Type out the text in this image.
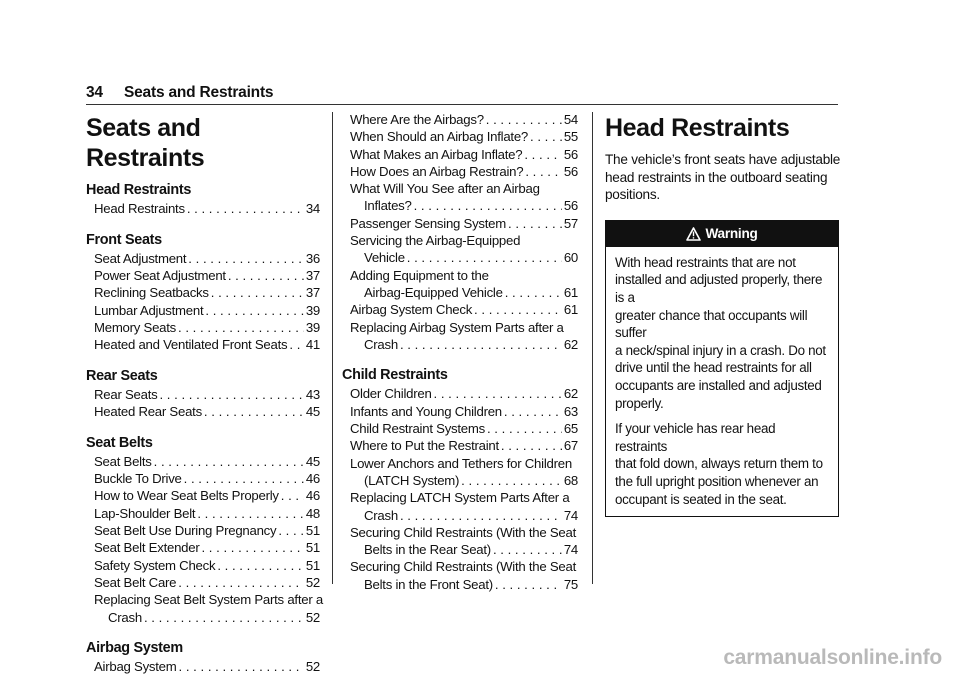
34 Seats and Restraints
Seats and Restraints
Head Restraints
Head Restraints . . .	34
Front Seats
Seat Adjustment . . .	36
Power Seat Adjustment . . .	37
Reclining Seatbacks . . .	37
Lumbar Adjustment . . .	39
Memory Seats . . .	39
Heated and Ventilated Front Seats . . . 41
Rear Seats
Rear Seats . . .	43
Heated Rear Seats . . .	45
Seat Belts
Seat Belts . . .	45
Buckle To Drive . . .	46
How to Wear Seat Belts Properly . . . 46
Lap-Shoulder Belt . . .	48
Seat Belt Use During Pregnancy . . . 51
Seat Belt Extender . . .	51
Safety System Check . . .	51
Seat Belt Care . . .	52
Replacing Seat Belt System Parts after a
Crash . . .	52
Airbag System
Airbag System . . .	52
Where Are the Airbags? . . .	54
When Should an Airbag Inflate? . . .	55
What Makes an Airbag Inflate? . . .	56
How Does an Airbag Restrain? . . .	56
What Will You See after an Airbag
Inflates? . . .	56
Passenger Sensing System . . .	57
Servicing the Airbag-Equipped
Vehicle . . .	60
Adding Equipment to the
Airbag-Equipped Vehicle . . .	61
Airbag System Check . . .	61
Replacing Airbag System Parts after a
Crash . . .	62
Child Restraints
Older Children . . .	62
Infants and Young Children . . .	63
Child Restraint Systems . . .	65
Where to Put the Restraint . . .	67
Lower Anchors and Tethers for Children
(LATCH System) . . .	68
Replacing LATCH System Parts After a
Crash . . .	74
Securing Child Restraints (With the Seat
Belts in the Rear Seat) . . .	74
Securing Child Restraints (With the Seat
Belts in the Front Seat) . . .	75
Head Restraints
The vehicle’s front seats have adjustable
head restraints in the outboard seating
positions.
Warning

With head restraints that are not
installed and adjusted properly, there is a
greater chance that occupants will suffer
a neck/spinal injury in a crash. Do not
drive until the head restraints for all
occupants are installed and adjusted
properly.

If your vehicle has rear head restraints
that fold down, always return them to
the full upright position whenever an
occupant is seated in the seat.

carmanualsonline.info
